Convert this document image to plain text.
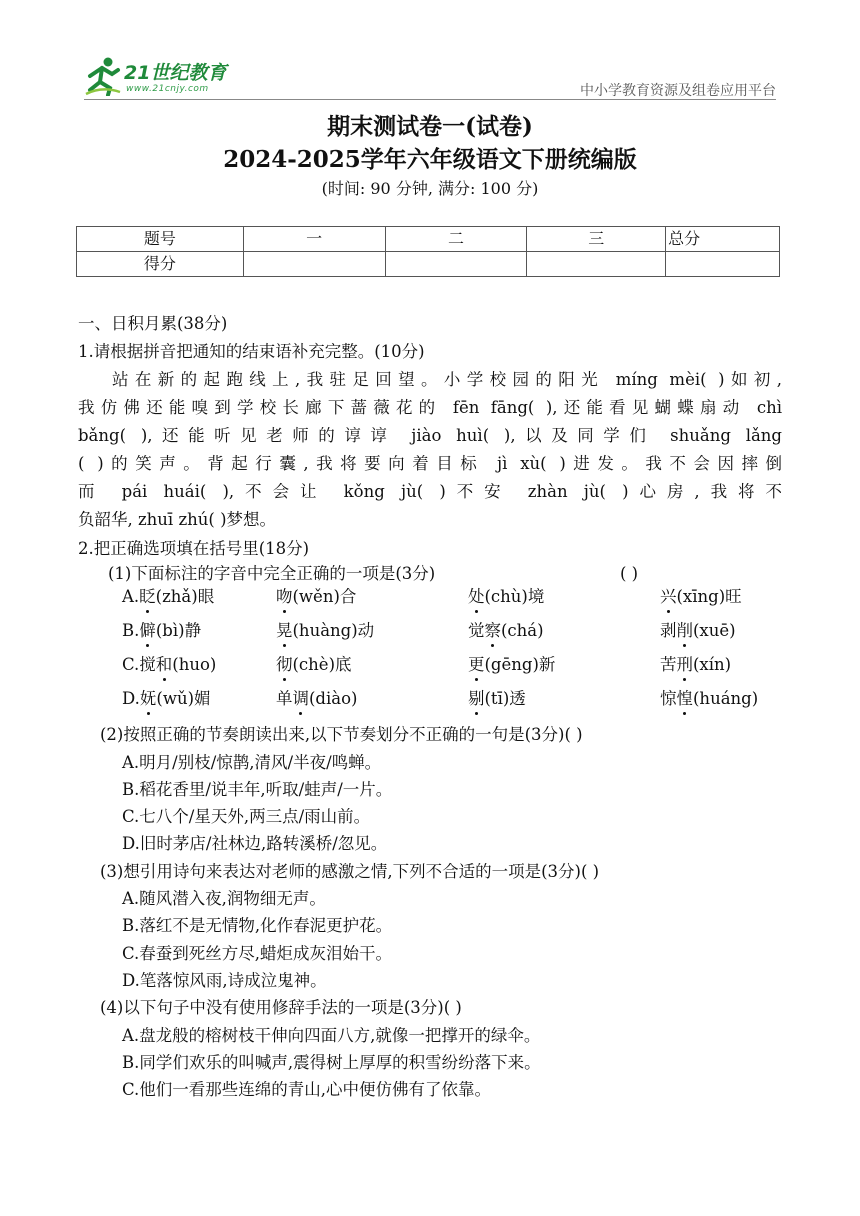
21世纪教育
www.21cnjy.com	中小学教育资源及组卷应用平台
期末测试卷一(试卷)
2024-2025学年六年级语文下册统编版
(时间: 90 分钟, 满分: 100 分)
题号	一	二	三	总分
得分				
一、日积月累(38分)
1.请根据拼音把通知的结束语补充完整。(10分)
站在新的起跑线上,我驻足回望。小学校园的阳光 míng mèi( )如初,
我仿佛还能嗅到学校长廊下蔷薇花的 fēn fāng( ),还能看见蝴蝶扇动 chì
bǎng( ),还能听见老师的谆谆 jiào huì( ),以及同学们 shuǎng lǎng
( )的笑声。背起行囊,我将要向着目标 jì xù( )进发。我不会因摔倒
而 pái huái( ),不会让 kǒng jù( )不安 zhàn jù( )心房,我将不
负韶华, zhuī zhú( )梦想。
2.把正确选项填在括号里(18分)
(1)下面标注的字音中完全正确的一项是(3分)	( )
A.眨(zhǎ)眼	吻(wěn)合	处(chù)境	兴(xīng)旺
B.僻(bì)静	晃(huàng)动	觉察(chá)	剥削(xuē)
C.搅和(huo)	彻(chè)底	更(gēng)新	苦刑(xín)
D.妩(wǔ)媚	单调(diào)	剔(tī)透	惊惶(huáng)
(2)按照正确的节奏朗读出来,以下节奏划分不正确的一句是(3分)( )
A.明月/别枝/惊鹊,清风/半夜/鸣蝉。
B.稻花香里/说丰年,听取/蛙声/一片。
C.七八个/星天外,两三点/雨山前。
D.旧时茅店/社林边,路转溪桥/忽见。
(3)想引用诗句来表达对老师的感激之情,下列不合适的一项是(3分)( )
A.随风潜入夜,润物细无声。
B.落红不是无情物,化作春泥更护花。
C.春蚕到死丝方尽,蜡炬成灰泪始干。
D.笔落惊风雨,诗成泣鬼神。
(4)以下句子中没有使用修辞手法的一项是(3分)( )
A.盘龙般的榕树枝干伸向四面八方,就像一把撑开的绿伞。
B.同学们欢乐的叫喊声,震得树上厚厚的积雪纷纷落下来。
C.他们一看那些连绵的青山,心中便仿佛有了依靠。
